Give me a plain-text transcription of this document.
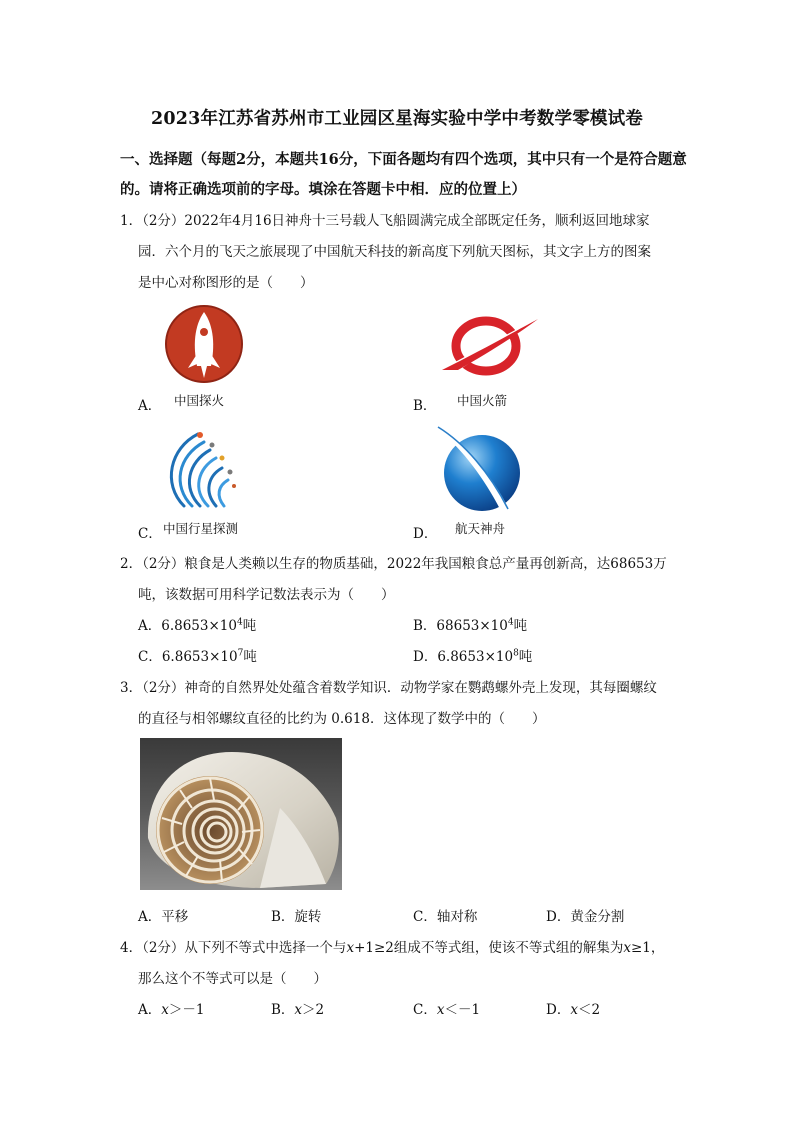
2023年江苏省苏州市工业园区星海实验中学中考数学零模试卷
一、选择题（每题2分，本题共16分，下面各题均有四个选项，其中只有一个是符合题意
的。请将正确选项前的字母。填涂在答题卡中相．应的位置上）
1．（2分）2022年4月16日神舟十三号载人飞船圆满完成全部既定任务，顺利返回地球家
园．六个月的飞天之旅展现了中国航天科技的新高度下列航天图标，其文字上方的图案
是中心对称图形的是（　　）
A． 中国探火	B． 中国火箭
C． 中国行星探测	D． 航天神舟
2．（2分）粮食是人类赖以生存的物质基础，2022年我国粮食总产量再创新高，达68653万
吨，该数据可用科学记数法表示为（　　）
A．$6.8653\times 10^4$吨	B．$68653\times 10^4$吨
C．$6.8653\times 10^7$吨	D．$6.8653\times 10^8$吨
3．（2分）神奇的自然界处处蕴含着数学知识．动物学家在鹦鹉螺外壳上发现，其每圈螺纹
的直径与相邻螺纹直径的比约为 0.618．这体现了数学中的（　　）
A．平移	B．旋转	C．轴对称	D．黄金分割
4．（2分）从下列不等式中选择一个与x+1≥2组成不等式组，使该不等式组的解集为x≥1，
那么这个不等式可以是（　　）
A．x＞－1	B．x＞2	C．x＜－1	D．x＜2
